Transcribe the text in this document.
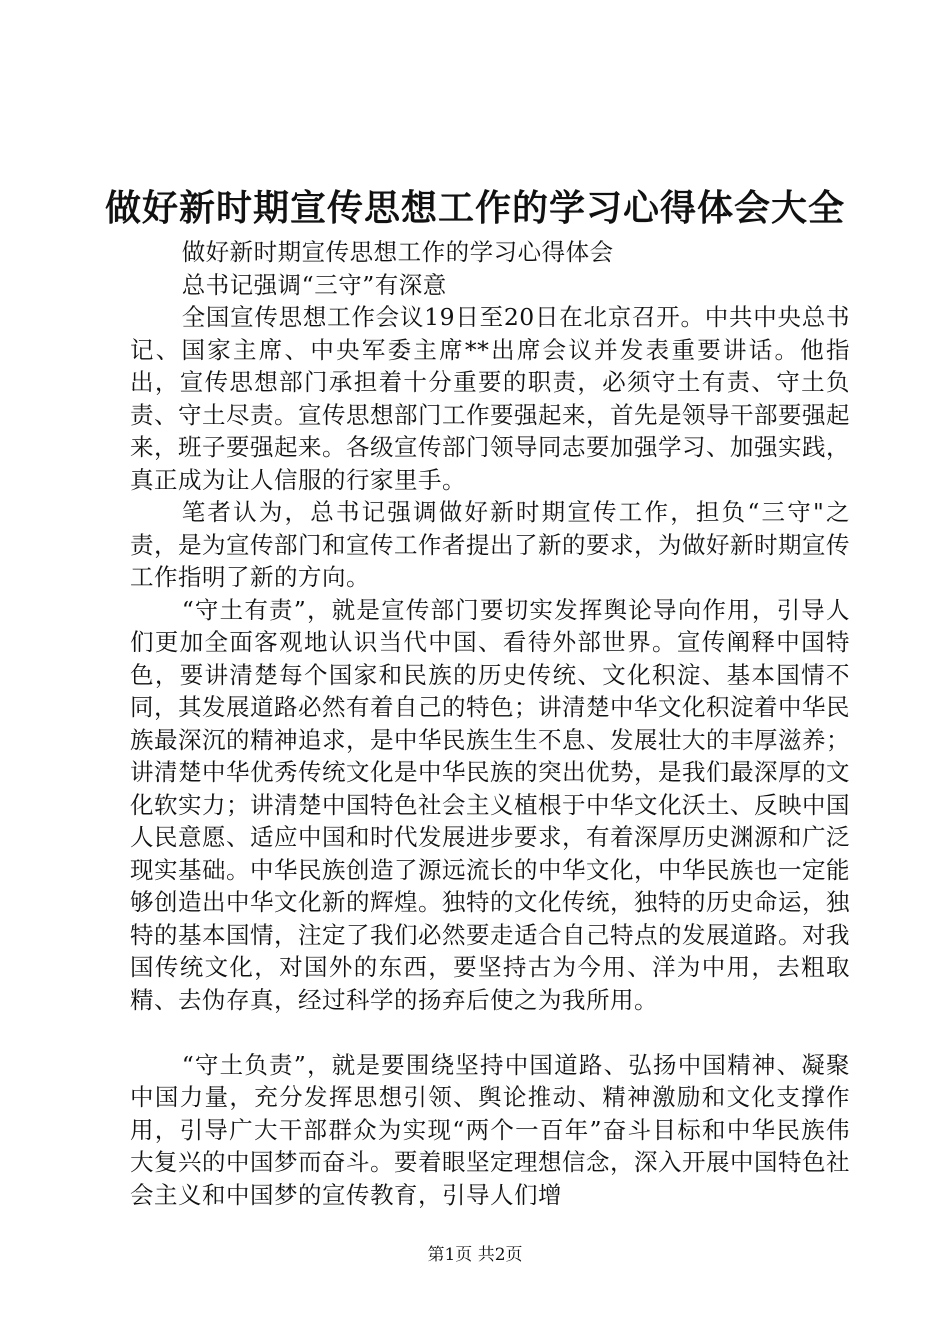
做好新时期宣传思想工作的学习心得体会大全

做好新时期宣传思想工作的学习心得体会

总书记强调“三守”有深意

全国宣传思想工作会议19日至20日在北京召开。中共中央总书记、国家主席、中央军委主席**出席会议并发表重要讲话。他指出，宣传思想部门承担着十分重要的职责，必须守土有责、守土负责、守土尽责。宣传思想部门工作要强起来，首先是领导干部要强起来，班子要强起来。各级宣传部门领导同志要加强学习、加强实践，真正成为让人信服的行家里手。

笔者认为，总书记强调做好新时期宣传工作，担负“三守"之责，是为宣传部门和宣传工作者提出了新的要求，为做好新时期宣传工作指明了新的方向。

“守土有责”，就是宣传部门要切实发挥舆论导向作用，引导人们更加全面客观地认识当代中国、看待外部世界。宣传阐释中国特色，要讲清楚每个国家和民族的历史传统、文化积淀、基本国情不同，其发展道路必然有着自己的特色；讲清楚中华文化积淀着中华民族最深沉的精神追求，是中华民族生生不息、发展壮大的丰厚滋养；讲清楚中华优秀传统文化是中华民族的突出优势，是我们最深厚的文化软实力；讲清楚中国特色社会主义植根于中华文化沃土、反映中国人民意愿、适应中国和时代发展进步要求，有着深厚历史渊源和广泛现实基础。中华民族创造了源远流长的中华文化，中华民族也一定能够创造出中华文化新的辉煌。独特的文化传统，独特的历史命运，独特的基本国情，注定了我们必然要走适合自己特点的发展道路。对我国传统文化，对国外的东西，要坚持古为今用、洋为中用，去粗取精、去伪存真，经过科学的扬弃后使之为我所用。

“守土负责”，就是要围绕坚持中国道路、弘扬中国精神、凝聚中国力量，充分发挥思想引领、舆论推动、精神激励和文化支撑作用，引导广大干部群众为实现“两个一百年”奋斗目标和中华民族伟大复兴的中国梦而奋斗。要着眼坚定理想信念，深入开展中国特色社会主义和中国梦的宣传教育，引导人们增

第1页 共2页
